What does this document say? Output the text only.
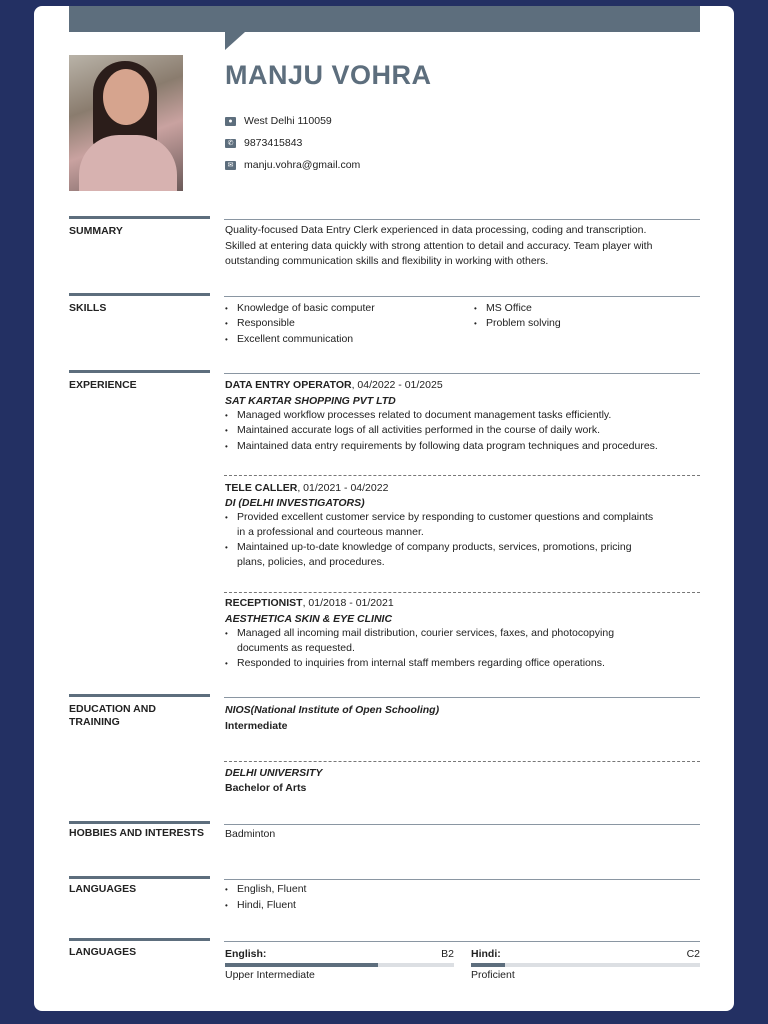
MANJU VOHRA
●	West Delhi 110059
✆ 9873415843
✉ manju.vohra@gmail.com
SUMMARY	Quality-focused Data Entry Clerk experienced in data processing, coding and transcription.
Skilled at entering data quickly with strong attention to detail and accuracy. Team player with
outstanding communication skills and flexibility in working with others.
SKILLS	• Knowledge of basic computer
• Responsible
• Excellent communication
• MS Office
• Problem solving
EXPERIENCE	DATA ENTRY OPERATOR, 04/2022 - 01/2025
SAT KARTAR SHOPPING PVT LTD
• Managed workflow processes related to document management tasks efficiently.
• Maintained accurate logs of all activities performed in the course of daily work.
• Maintained data entry requirements by following data program techniques and procedures.
TELE CALLER, 01/2021 - 04/2022
DI (DELHI INVESTIGATORS)
• Provided excellent customer service by responding to customer questions and complaints
in a professional and courteous manner.
• Maintained up-to-date knowledge of company products, services, promotions, pricing
plans, policies, and procedures.
RECEPTIONIST, 01/2018 - 01/2021
AESTHETICA SKIN & EYE CLINIC
• Managed all incoming mail distribution, courier services, faxes, and photocopying
documents as requested.
• Responded to inquiries from internal staff members regarding office operations.
EDUCATION AND
TRAINING
NIOS(National Institute of Open Schooling)
Intermediate
DELHI UNIVERSITY
Bachelor of Arts
HOBBIES AND INTERESTS	Badminton
LANGUAGES	• English, Fluent
• Hindi, Fluent
LANGUAGES	English:	B2
Upper Intermediate
Hindi:	C2
Proficient
